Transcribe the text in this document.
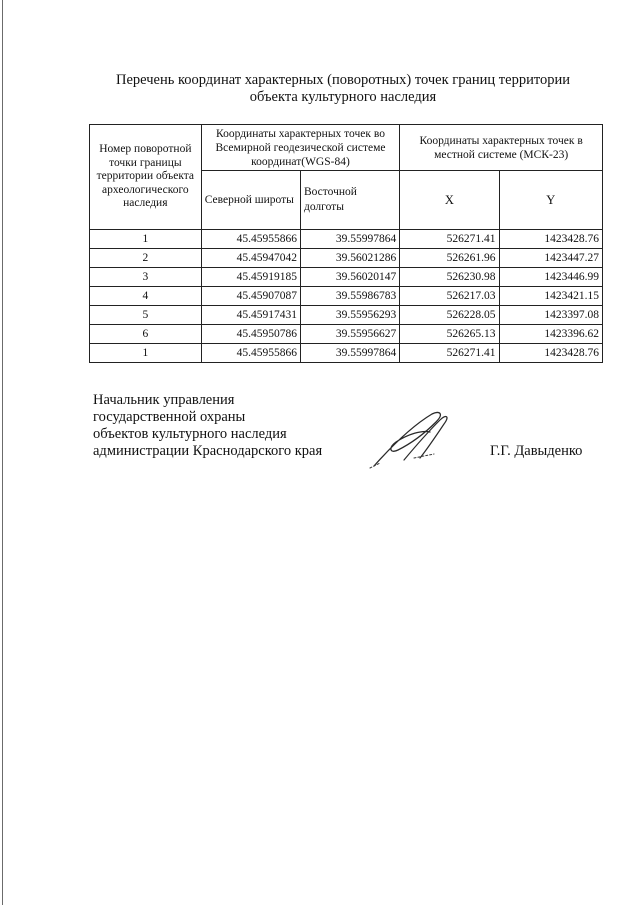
Перечень координат характерных (поворотных) точек границ территории
объекта культурного наследия
Номер поворотной точки границы территории объекта археологического наследия	Координаты характерных точек во Всемирной геодезической системе координат(WGS-84)		Координаты характерных точек в местной системе (МСК-23)	
	Северной широты	Восточной долготы	X	Y
1	45.45955866	39.55997864	526271.41	1423428.76
2	45.45947042	39.56021286	526261.96	1423447.27
3	45.45919185	39.56020147	526230.98	1423446.99
4	45.45907087	39.55986783	526217.03	1423421.15
5	45.45917431	39.55956293	526228.05	1423397.08
6	45.45950786	39.55956627	526265.13	1423396.62
1	45.45955866	39.55997864	526271.41	1423428.76
Начальник управления
государственной охраны
объектов культурного наследия
администрации Краснодарского края	Г.Г. Давыденко
